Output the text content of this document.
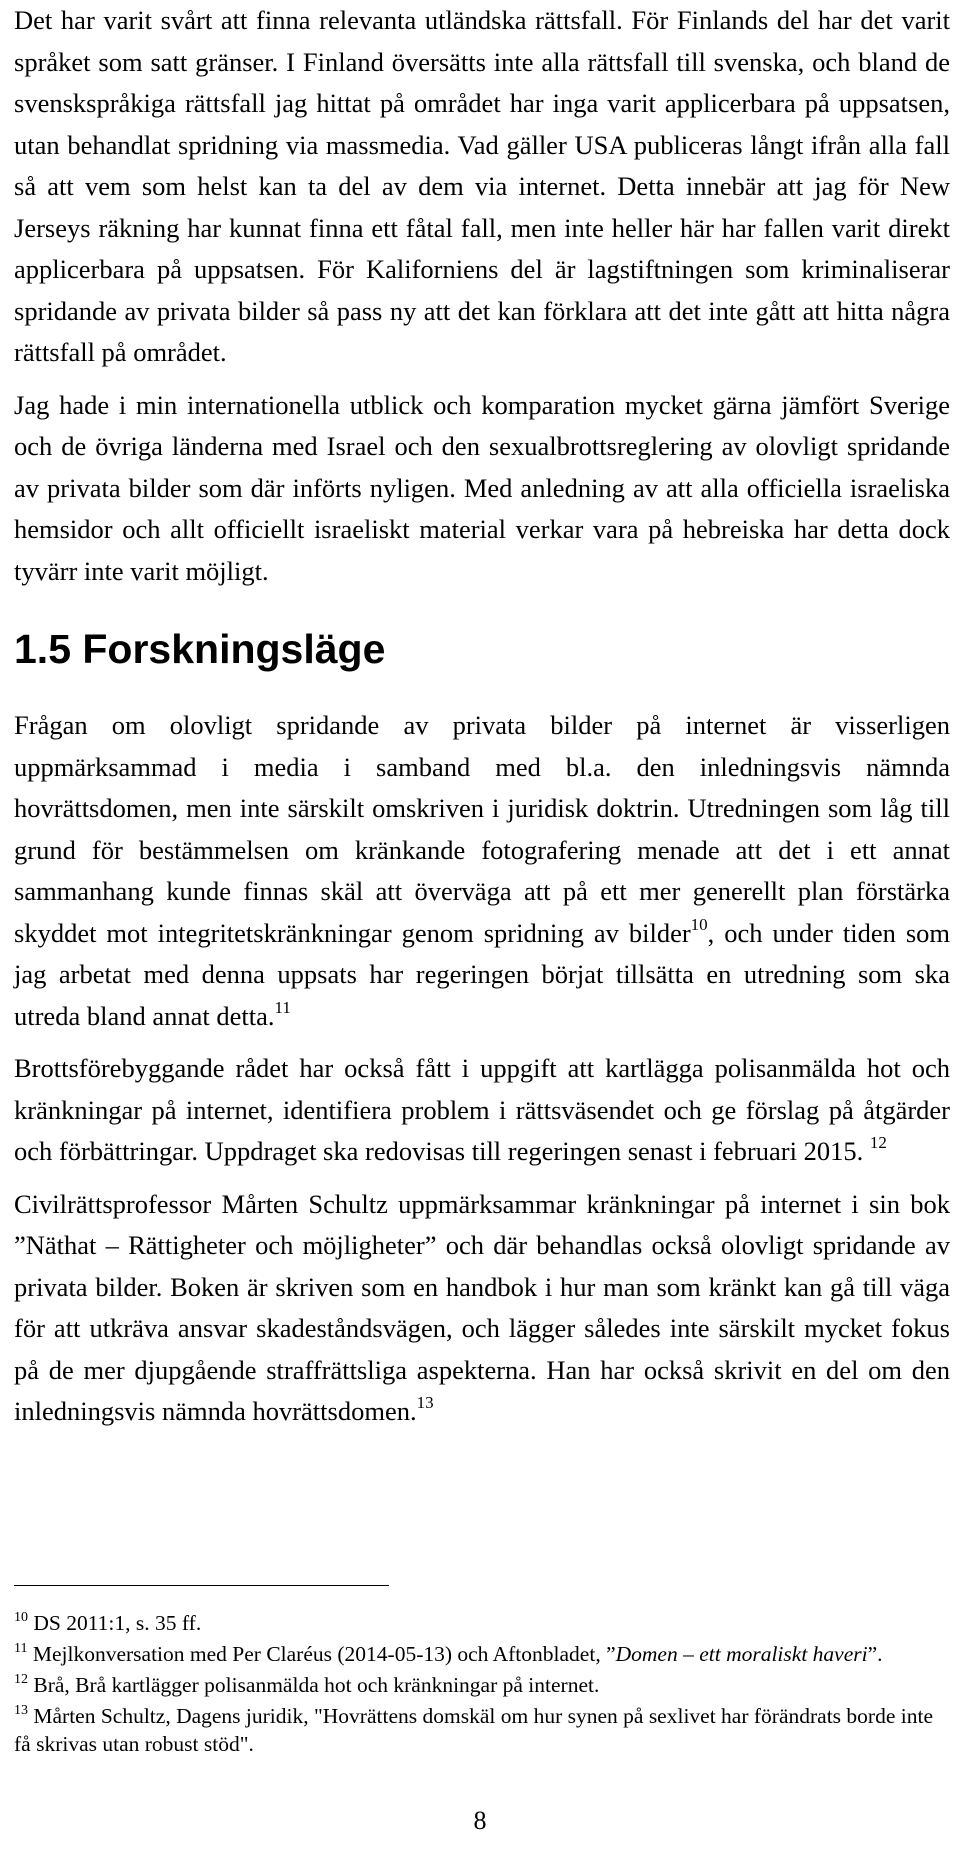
Det har varit svårt att finna relevanta utländska rättsfall. För Finlands del har det varit språket som satt gränser. I Finland översätts inte alla rättsfall till svenska, och bland de svenskspråkiga rättsfall jag hittat på området har inga varit applicerbara på uppsatsen, utan behandlat spridning via massmedia. Vad gäller USA publiceras långt ifrån alla fall så att vem som helst kan ta del av dem via internet. Detta innebär att jag för New Jerseys räkning har kunnat finna ett fåtal fall, men inte heller här har fallen varit direkt applicerbara på uppsatsen. För Kaliforniens del är lagstiftningen som kriminaliserar spridande av privata bilder så pass ny att det kan förklara att det inte gått att hitta några rättsfall på området.

Jag hade i min internationella utblick och komparation mycket gärna jämfört Sverige och de övriga länderna med Israel och den sexualbrottsreglering av olovligt spridande av privata bilder som där införts nyligen. Med anledning av att alla officiella israeliska hemsidor och allt officiellt israeliskt material verkar vara på hebreiska har detta dock tyvärr inte varit möjligt.

1.5 Forskningsläge

Frågan om olovligt spridande av privata bilder på internet är visserligen uppmärksammad i media i samband med bl.a. den inledningsvis nämnda hovrättsdomen, men inte särskilt omskriven i juridisk doktrin. Utredningen som låg till grund för bestämmelsen om kränkande fotografering menade att det i ett annat sammanhang kunde finnas skäl att överväga att på ett mer generellt plan förstärka skyddet mot integritetskränkningar genom spridning av bilder$^{10}$, och under tiden som jag arbetat med denna uppsats har regeringen börjat tillsätta en utredning som ska utreda bland annat detta.$^{11}$

Brottsförebyggande rådet har också fått i uppgift att kartlägga polisanmälda hot och kränkningar på internet, identifiera problem i rättsväsendet och ge förslag på åtgärder och förbättringar. Uppdraget ska redovisas till regeringen senast i februari 2015. $^{12}$

Civilrättsprofessor Mårten Schultz uppmärksammar kränkningar på internet i sin bok ”Näthat – Rättigheter och möjligheter” och där behandlas också olovligt spridande av privata bilder. Boken är skriven som en handbok i hur man som kränkt kan gå till väga för att utkräva ansvar skadeståndsvägen, och lägger således inte särskilt mycket fokus på de mer djupgående straffrättsliga aspekterna. Han har också skrivit en del om den inledningsvis nämnda hovrättsdomen.$^{13}$

$^{10}$ DS 2011:1, s. 35 ff.

$^{11}$ Mejlkonversation med Per Claréus (2014-05-13) och Aftonbladet, ”Domen – ett moraliskt haveri”.

$^{12}$ Brå, Brå kartlägger polisanmälda hot och kränkningar på internet.

$^{13}$ Mårten Schultz, Dagens juridik, "Hovrättens domskäl om hur synen på sexlivet har förändrats borde inte få skrivas utan robust stöd".

8
